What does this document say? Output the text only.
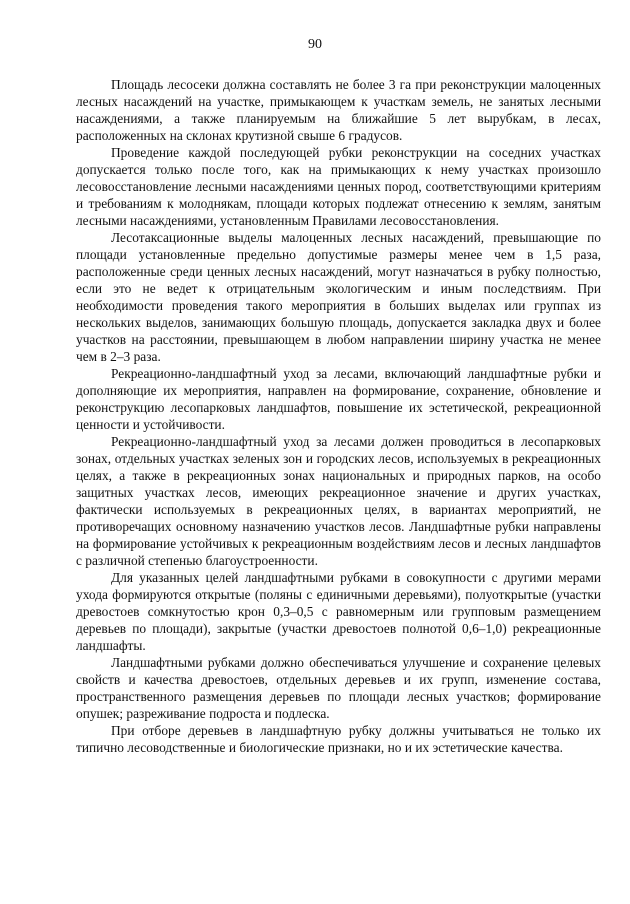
90

Площадь лесосеки должна составлять не более 3 га при реконструкции малоценных лесных насаждений на участке, примыкающем к участкам земель, не занятых лесными насаждениями, а также планируемым на ближайшие 5 лет вырубкам, в лесах, расположенных на склонах крутизной свыше 6 градусов.

Проведение каждой последующей рубки реконструкции на соседних участках допускается только после того, как на примыкающих к нему участках произошло лесовосстановление лесными насаждениями ценных пород, соответствующими критериям и требованиям к молоднякам, площади которых подлежат отнесению к землям, занятым лесными насаждениями, установленным Правилами лесовосстановления.

Лесотаксационные выделы малоценных лесных насаждений, превышающие по площади установленные предельно допустимые размеры менее чем в 1,5 раза, расположенные среди ценных лесных насаждений, могут назначаться в рубку полностью, если это не ведет к отрицательным экологическим и иным последствиям. При необходимости проведения такого мероприятия в больших выделах или группах из нескольких выделов, занимающих большую площадь, допускается закладка двух и более участков на расстоянии, превышающем в любом направлении ширину участка не менее чем в 2–3 раза.

Рекреационно-ландшафтный уход за лесами, включающий ландшафтные рубки и дополняющие их мероприятия, направлен на формирование, сохранение, обновление и реконструкцию лесопарковых ландшафтов, повышение их эстетической, рекреационной ценности и устойчивости.

Рекреационно-ландшафтный уход за лесами должен проводиться в лесопарковых зонах, отдельных участках зеленых зон и городских лесов, используемых в рекреационных целях, а также в рекреационных зонах национальных и природных парков, на особо защитных участках лесов, имеющих рекреационное значение и других участках, фактически используемых в рекреационных целях, в вариантах мероприятий, не противоречащих основному назначению участков лесов. Ландшафтные рубки направлены на формирование устойчивых к рекреационным воздействиям лесов и лесных ландшафтов с различной степенью благоустроенности.

Для указанных целей ландшафтными рубками в совокупности с другими мерами ухода формируются открытые (поляны с единичными деревьями), полуоткрытые (участки древостоев сомкнутостью крон 0,3–0,5 с равномерным или групповым размещением деревьев по площади), закрытые (участки древостоев полнотой 0,6–1,0) рекреационные ландшафты.

Ландшафтными рубками должно обеспечиваться улучшение и сохранение целевых свойств и качества древостоев, отдельных деревьев и их групп, изменение состава, пространственного размещения деревьев по площади лесных участков; формирование опушек; разреживание подроста и подлеска.

При отборе деревьев в ландшафтную рубку должны учитываться не только их типично лесоводственные и биологические признаки, но и их эстетические качества.
